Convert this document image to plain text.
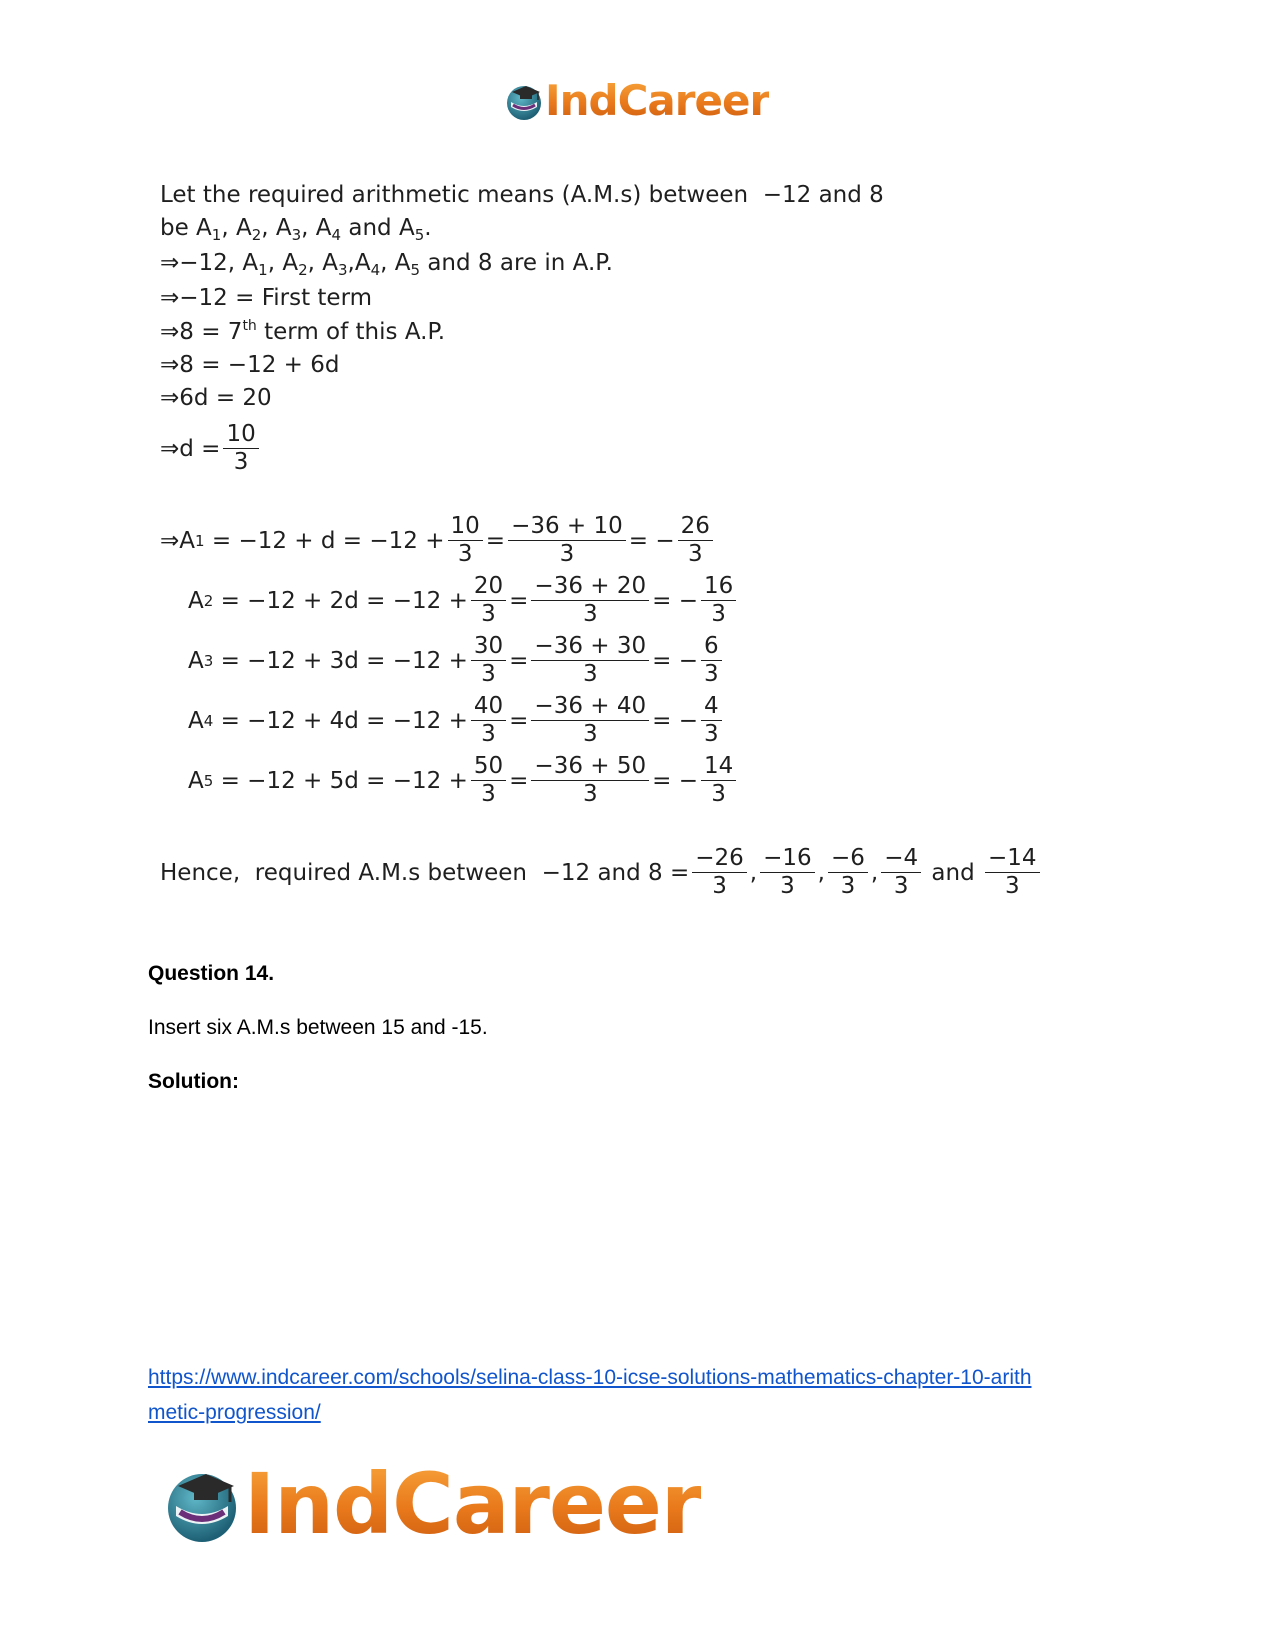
IndCareer
Let the required arithmetic means (A.M.s) between  −12 and 8
be $A_1$, $A_2$, $A_3$, $A_4$ and $A_5$.
⇒−12, $A_1$, $A_2$, $A_3,A_4$, $A_5$ and 8 are in A.P.
⇒−12 = First term
⇒8 = 7th term of this A.P.
⇒8 = −12 + 6d
⇒6d = 20
⇒d = $\frac{10}{3}$
⇒A $1 = -12 + d = -12 + \frac{10}{3} = \frac{-36 + 10}{3}$ = − $\frac{26}{3}$
A $2 = -12 + 2d = -12 + \frac{20}{3} = \frac{-36 + 20}{3}$ = − $\frac{16}{3}$
A $3 = -12 + 3d = -12 + \frac{30}{3} = \frac{-36 + 30}{3}$ = − $\frac{6}{3}$
A $4 = -12 + 4d = -12 + \frac{40}{3} = \frac{-36 + 40}{3}$ = − $\frac{4}{3}$
A $5 = -12 + 5d = -12 + \frac{50}{3} = \frac{-36 + 50}{3}$ = − $\frac{14}{3}$
Hence,  required A.M.s between  −12 and $8 = \frac{-26}{3}$ , $\frac{-16}{3}$ , $\frac{-6}{3}$ , $\frac{-4}{3}$ and $\frac{-14}{3}$
Question 14.
Insert six A.M.s between 15 and -15.
Solution:
https://www.indcareer.com/schools/selina-class-10-icse-solutions-mathematics-chapter-10-arith
metic-progression/
IndCareer
